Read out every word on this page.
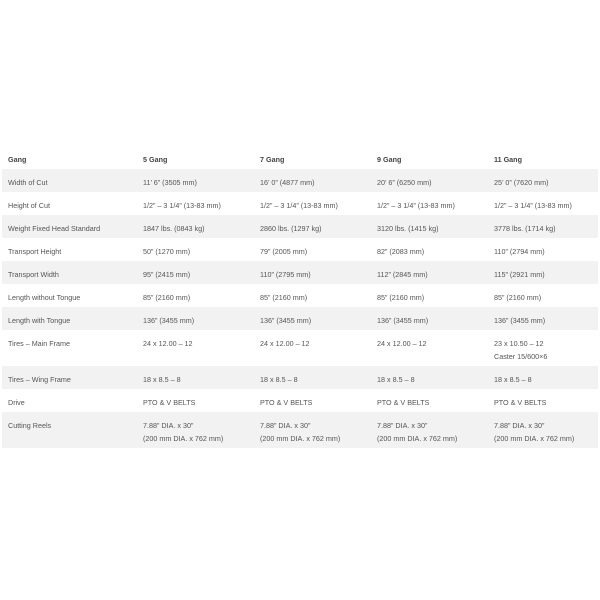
Gang	5 Gang	7 Gang	9 Gang	11 Gang
Width of Cut	11’ 6” (3505 mm)	16’ 0” (4877 mm)	20’ 6” (6250 mm)	25’ 0” (7620 mm)

Height of Cut	1/2” – 3 1/4” (13-83 mm)	1/2” – 3 1/4” (13-83 mm)	1/2” – 3 1/4” (13-83 mm)	1/2” – 3 1/4” (13-83 mm)

Weight Fixed Head Standard	1847 lbs. (0843 kg)	2860 lbs. (1297 kg)	3120 lbs. (1415 kg)	3778 lbs. (1714 kg)

Transport Height	50” (1270 mm)	79” (2005 mm)	82” (2083 mm)	110” (2794 mm)

Transport Width	95” (2415 mm)	110” (2795 mm)	112” (2845 mm)	115” (2921 mm)

Length without Tongue	85” (2160 mm)	85” (2160 mm)	85” (2160 mm)	85” (2160 mm)

Length with Tongue	136” (3455 mm)	136” (3455 mm)	136” (3455 mm)	136” (3455 mm)

Tires – Main Frame	24 x 12.00 – 12	24 x 12.00 – 12	24 x 12.00 – 12	23 x 10.50 – 12
Caster 15/600×6

Tires – Wing Frame	18 x 8.5 – 8	18 x 8.5 – 8	18 x 8.5 – 8	18 x 8.5 – 8

Drive	PTO & V BELTS	PTO & V BELTS	PTO & V BELTS	PTO & V BELTS

Cutting Reels	7.88” DIA. x 30”
(200 mm DIA. x 762 mm)	7.88” DIA. x 30”
(200 mm DIA. x 762 mm)	7.88” DIA. x 30”
(200 mm DIA. x 762 mm)	7.88” DIA. x 30”
(200 mm DIA. x 762 mm)
